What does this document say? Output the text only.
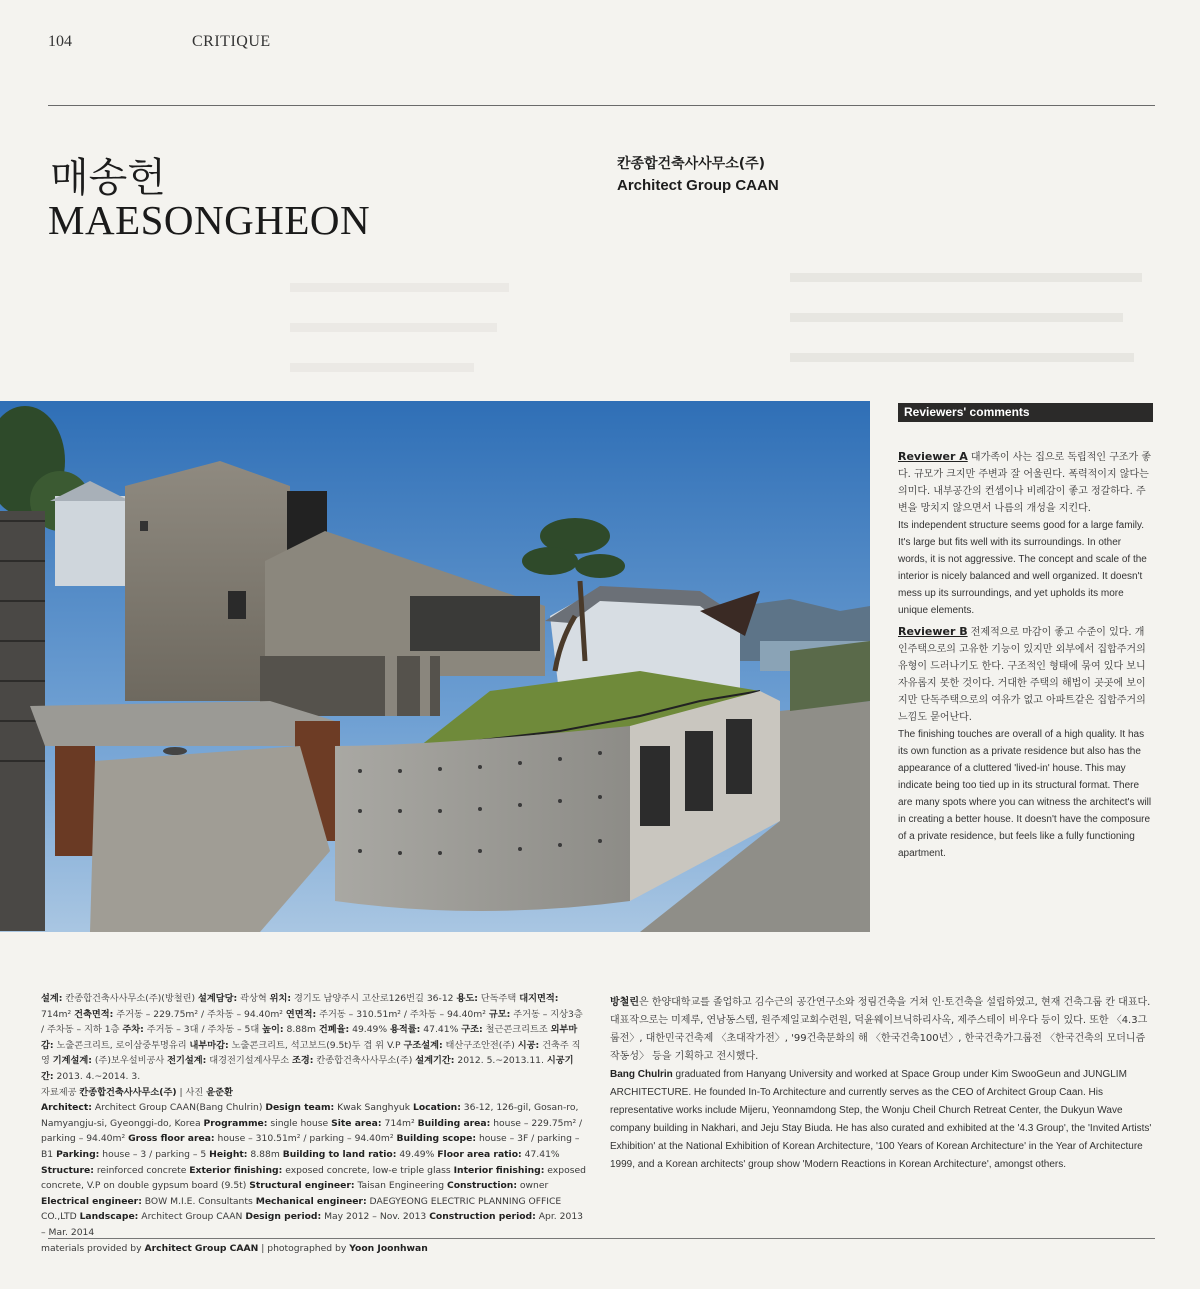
104	CRITIQUE

매송헌
MAESONGHEON
칸종합건축사사무소(주)
Architect Group CAAN
Reviewers' comments
Reviewer A 대가족이 사는 집으로 독립적인 구조가 좋다. 규모가 크지만 주변과 잘 어울린다. 폭력적이지 않다는 의미다. 내부공간의 컨셉이나 비례감이 좋고 정갈하다. 주변을 망치지 않으면서 나름의 개성을 지킨다.
Its independent structure seems good for a large family. It's large but fits well with its surroundings. In other words, it is not aggressive. The concept and scale of the interior is nicely balanced and well organized. It doesn't mess up its surroundings, and yet upholds its more unique elements.
Reviewer B 전제적으로 마감이 좋고 수준이 있다. 개인주택으로의 고유한 기능이 있지만 외부에서 집합주거의 유형이 드러나기도 한다. 구조적인 형태에 묶여 있다 보니 자유롭지 못한 것이다. 거대한 주택의 해법이 곳곳에 보이지만 단독주택으로의 여유가 없고 아파트같은 집합주거의 느낌도 묻어난다.
The finishing touches are overall of a high quality. It has its own function as a private residence but also has the appearance of a cluttered 'lived-in' house. This may indicate being too tied up in its structural format. There are many spots where you can witness the architect's will in creating a better house. It doesn't have the composure of a private residence, but feels like a fully functioning apartment.
설계: 칸종합건축사사무소(주)(방철린) 설계담당: 곽상혁 위치: 경기도 남양주시 고산로126번길 36-12 용도: 단독주택 대지면적: 714m² 건축면적: 주거동 – 229.75m² / 주차동 – 94.40m² 연면적: 주거동 – 310.51m² / 주차동 – 94.40m² 규모: 주거동 – 지상3층 / 주차동 – 지하 1층 주차: 주거동 – 3대 / 주차동 – 5대 높이: 8.88m 건폐율: 49.49% 용적률: 47.41% 구조: 철근콘크리트조 외부마감: 노출콘크리트, 로이삼중투명유리 내부마감: 노출콘크리트, 석고보드(9.5t)두 겹 위 V.P 구조설계: 태산구조안전(주) 시공: 건축주 직영 기계설계: (주)보우설비공사 전기설계: 대경전기설계사무소 조경: 칸종합건축사사무소(주) 설계기간: 2012. 5.~2013.11. 시공기간: 2013. 4.~2014. 3.
자료제공 칸종합건축사사무소(주) | 사진 윤준환
Architect: Architect Group CAAN(Bang Chulrin) Design team: Kwak Sanghyuk Location: 36-12, 126-gil, Gosan-ro, Namyangju-si, Gyeonggi-do, Korea Programme: single house Site area: 714m² Building area: house – 229.75m² / parking – 94.40m² Gross floor area: house – 310.51m² / parking – 94.40m² Building scope: house – 3F / parking – B1 Parking: house – 3 / parking – 5 Height: 8.88m Building to land ratio: 49.49% Floor area ratio: 47.41% Structure: reinforced concrete Exterior finishing: exposed concrete, low-e triple glass Interior finishing: exposed concrete, V.P on double gypsum board (9.5t) Structural engineer: Taisan Engineering Construction: owner Electrical engineer: BOW M.I.E. Consultants Mechanical engineer: DAEGYEONG ELECTRIC PLANNING OFFICE CO.,LTD Landscape: Architect Group CAAN Design period: May 2012 – Nov. 2013 Construction period: Apr. 2013 – Mar. 2014
materials provided by Architect Group CAAN | photographed by Yoon Joonhwan
방철린은 한양대학교를 졸업하고 김수근의 공간연구소와 정림건축을 거쳐 인·토건축을 설립하였고, 현재 건축그룹 칸 대표다. 대표작으로는 미제루, 연남동스텝, 원주제일교회수련원, 덕윤웨이브닉하리사옥, 제주스테이 비우다 등이 있다. 또한 〈4.3그룹전〉, 대한민국건축제 〈초대작가전〉, '99건축문화의 해 〈한국건축100년〉, 한국건축가그룹전 〈한국건축의 모더니즘 작동성〉 등을 기획하고 전시했다.
Bang Chulrin graduated from Hanyang University and worked at Space Group under Kim SwooGeun and JUNGLIM ARCHITECTURE. He founded In-To Architecture and currently serves as the CEO of Architect Group Caan. His representative works include Mijeru, Yeonnamdong Step, the Wonju Cheil Church Retreat Center, the Dukyun Wave company building in Nakhari, and Jeju Stay Biuda. He has also curated and exhibited at the '4.3 Group', the 'Invited Artists' Exhibition' at the National Exhibition of Korean Architecture, '100 Years of Korean Architecture' in the Year of Architecture 1999, and a Korean architects' group show 'Modern Reactions in Korean Architecture', amongst others.
